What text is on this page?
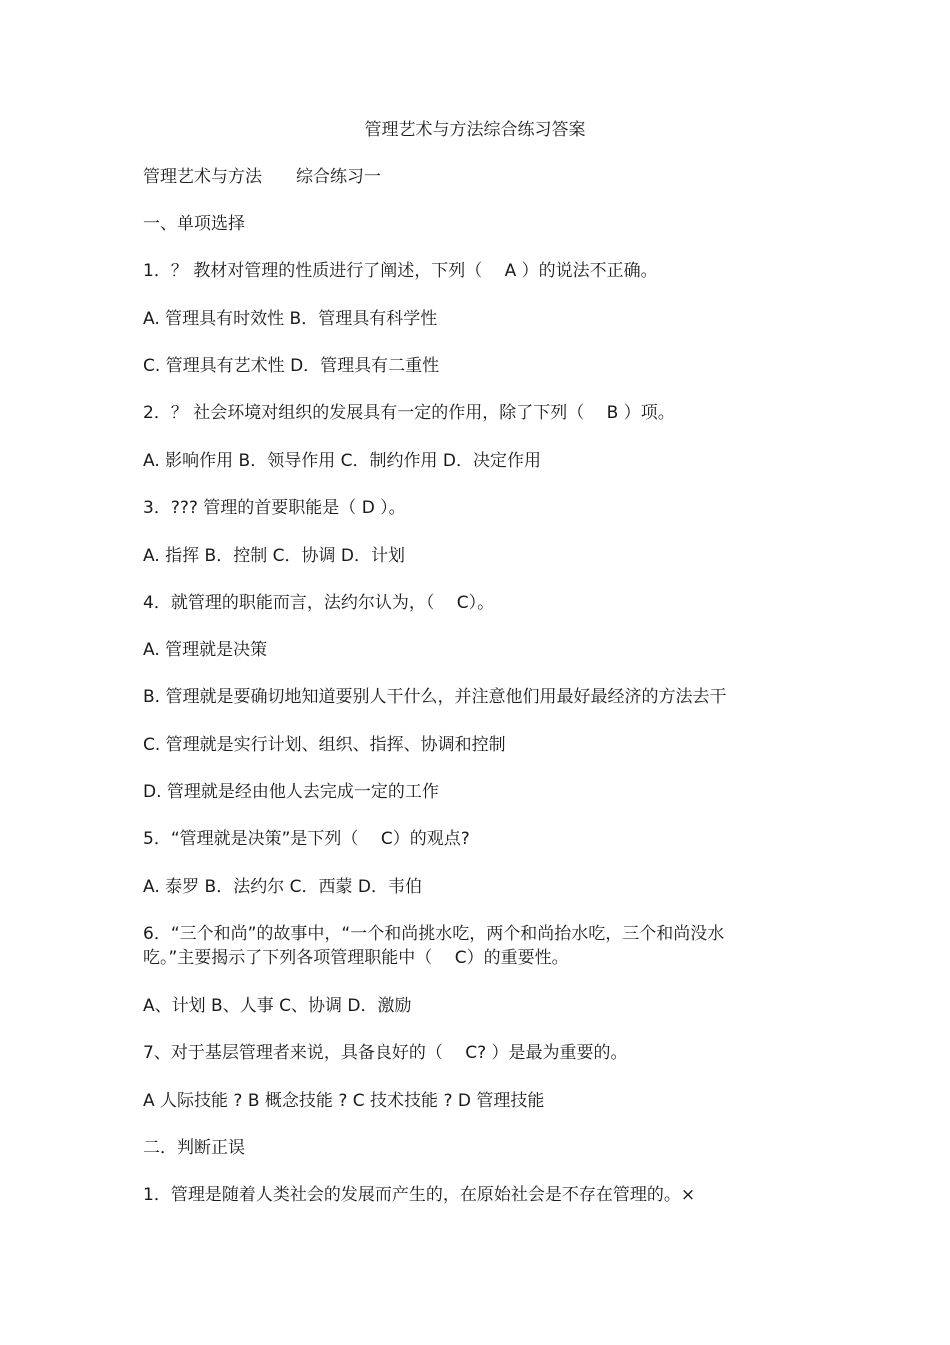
管理艺术与方法综合练习答案
管理艺术与方法　　综合练习一
一、单项选择
1．？ 教材对管理的性质进行了阐述，下列（　 A ）的说法不正确。
A. 管理具有时效性 B．管理具有科学性
C. 管理具有艺术性 D．管理具有二重性
2．？ 社会环境对组织的发展具有一定的作用，除了下列（　 B ）项。
A. 影响作用 B．领导作用 C．制约作用 D．决定作用
3．??? 管理的首要职能是（ D ）。
A. 指挥 B．控制 C．协调 D．计划
4．就管理的职能而言，法约尔认为，（　 C）。
A. 管理就是决策
B. 管理就是要确切地知道要别人干什么，并注意他们用最好最经济的方法去干
C. 管理就是实行计划、组织、指挥、协调和控制
D. 管理就是经由他人去完成一定的工作
5．“管理就是决策”是下列（　 C）的观点?
A. 泰罗 B．法约尔 C．西蒙 D．韦伯
6．“三个和尚”的故事中，“一个和尚挑水吃，两个和尚抬水吃，三个和尚没水吃。”主要揭示了下列各项管理职能中（　 C）的重要性。
A、计划 B、人事 C、协调 D．激励
7、对于基层管理者来说，具备良好的（　 C? ）是最为重要的。
A 人际技能 ? B 概念技能 ? C 技术技能 ? D 管理技能
二．判断正误
1．管理是随着人类社会的发展而产生的，在原始社会是不存在管理的。×
